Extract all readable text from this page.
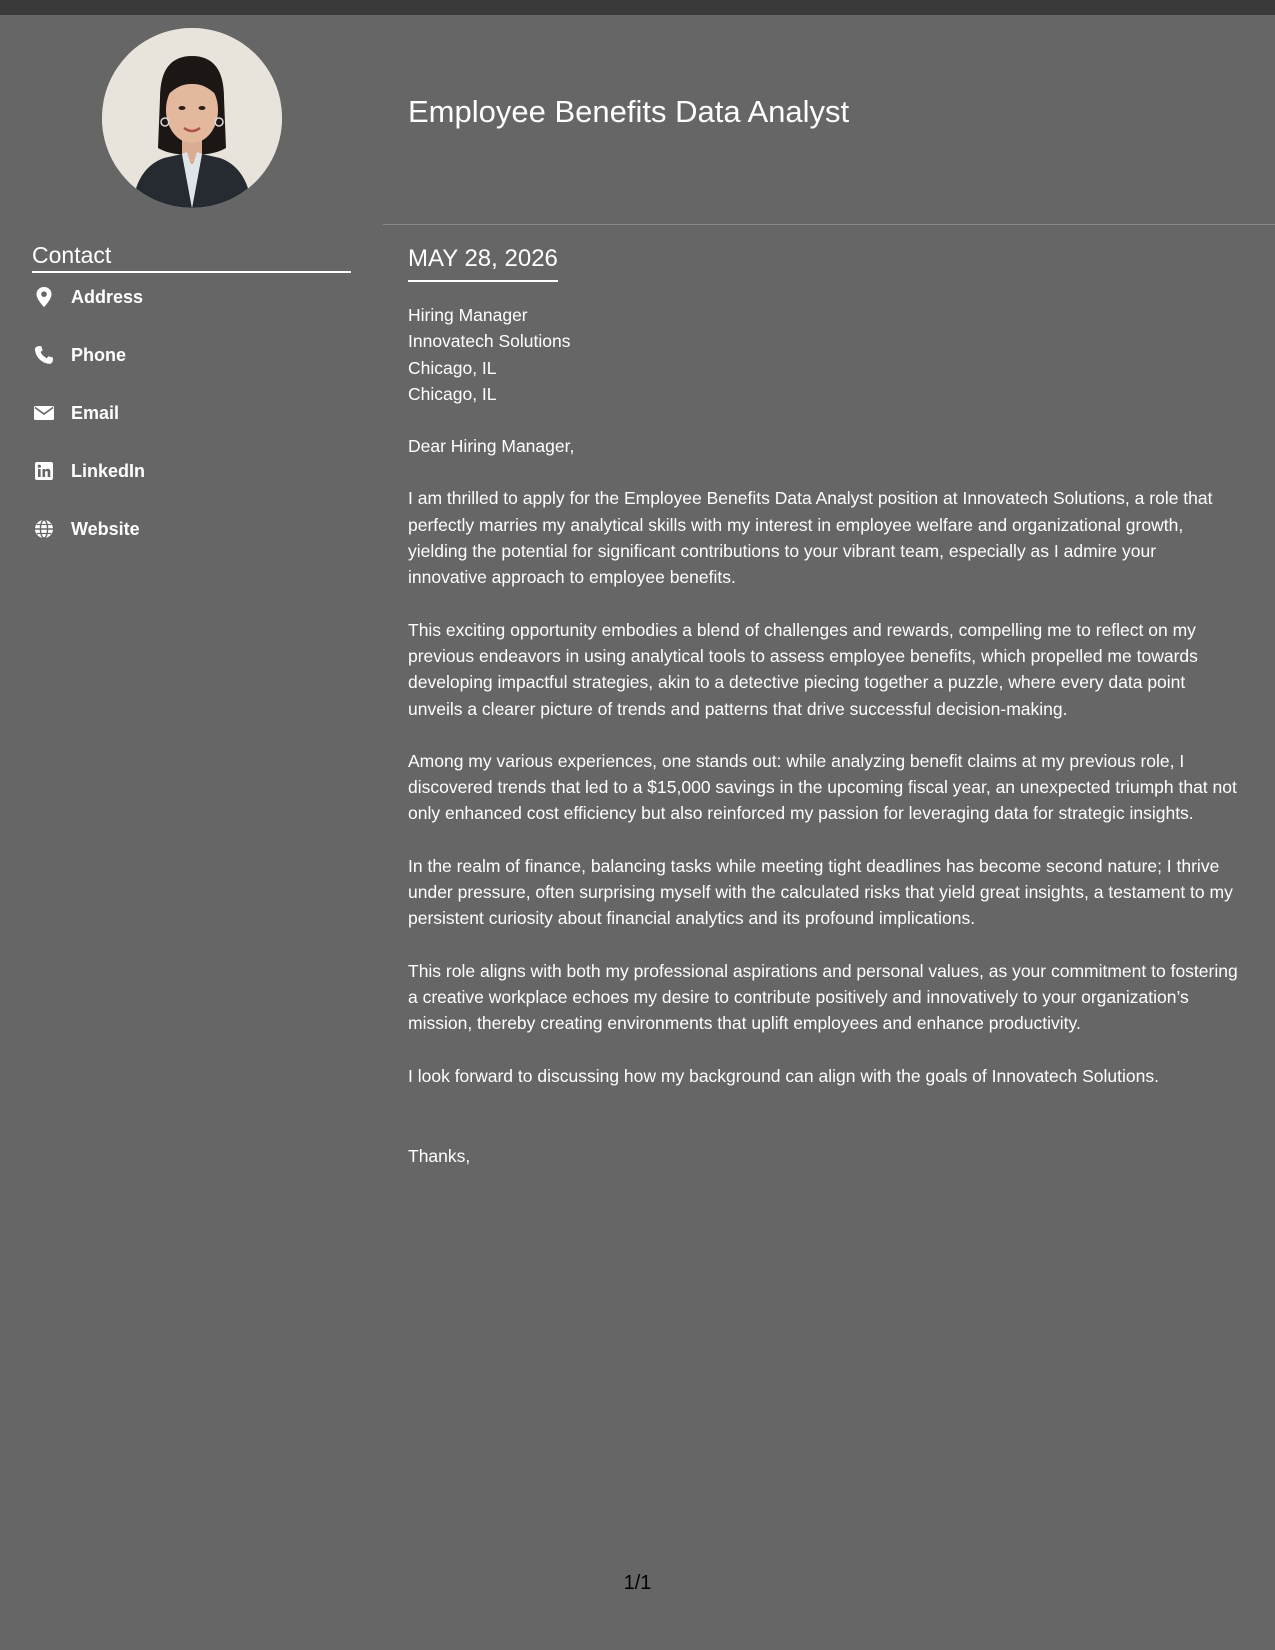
Contact
Address
Phone
Email
LinkedIn
Website
Employee Benefits Data Analyst
MAY 28, 2026
Hiring Manager
Innovatech Solutions
Chicago, IL
Chicago, IL

Dear Hiring Manager,

I am thrilled to apply for the Employee Benefits Data Analyst position at Innovatech Solutions, a role that perfectly marries my analytical skills with my interest in employee welfare and organizational growth, yielding the potential for significant contributions to your vibrant team, especially as I admire your innovative approach to employee benefits.

This exciting opportunity embodies a blend of challenges and rewards, compelling me to reflect on my previous endeavors in using analytical tools to assess employee benefits, which propelled me towards developing impactful strategies, akin to a detective piecing together a puzzle, where every data point unveils a clearer picture of trends and patterns that drive successful decision-making.

Among my various experiences, one stands out: while analyzing benefit claims at my previous role, I discovered trends that led to a $15,000 savings in the upcoming fiscal year, an unexpected triumph that not only enhanced cost efficiency but also reinforced my passion for leveraging data for strategic insights.

In the realm of finance, balancing tasks while meeting tight deadlines has become second nature; I thrive under pressure, often surprising myself with the calculated risks that yield great insights, a testament to my persistent curiosity about financial analytics and its profound implications.

This role aligns with both my professional aspirations and personal values, as your commitment to fostering a creative workplace echoes my desire to contribute positively and innovatively to your organization’s mission, thereby creating environments that uplift employees and enhance productivity.

I look forward to discussing how my background can align with the goals of Innovatech Solutions.

Thanks,
1/1
